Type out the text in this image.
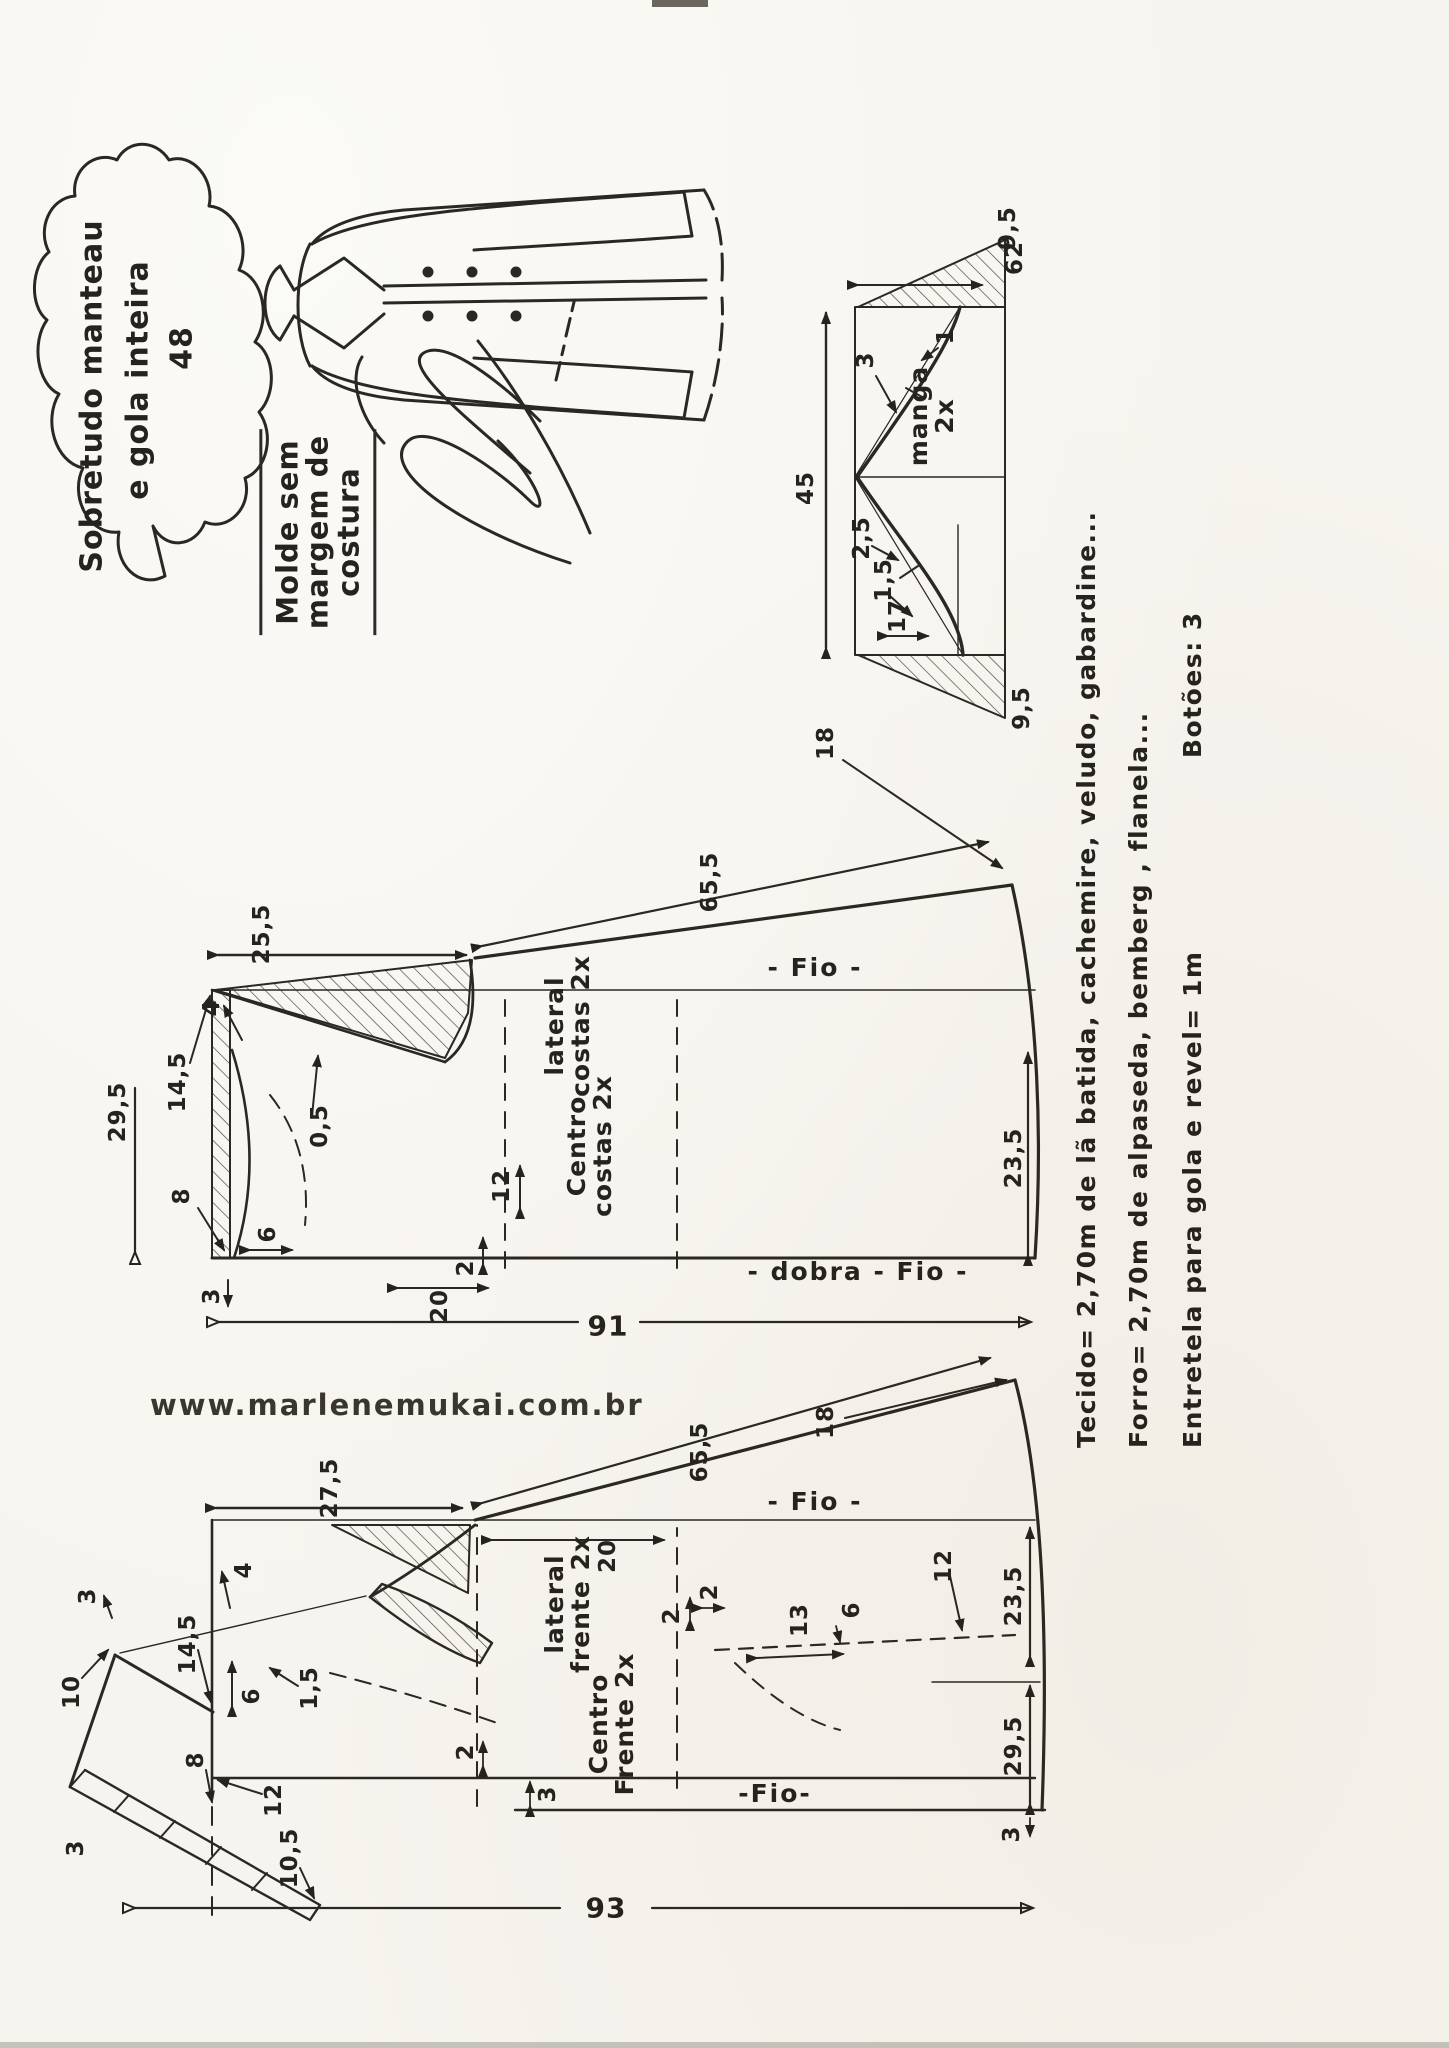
Sobretudo manteau e gola inteira 48
Molde sem
margem de
costura
manga
2x
62
45
9,5
9,5
3
1
2,5
1,5
17
lateral
costas 2x
Centro
costas 2x
- Fio -
- dobra - Fio -
91
25,5
65,5
4
0,5
14,5
29,5
8
6
3
12
2
20
18
23,5
lateral
frente 2x
Centro
Frente 2x
- Fio -
-Fio-
93
27,5
65,5
4
3
10
3
14,5
6 1,5
8
12
10,5
20
2
2
13 6
12
2
3
23,5
29,5
3
18	Tecido= 2,70m de lã batida, cachemire, veludo, gabardine... Forro= 2,70m de alpaseda, bemberg , flanela... Entretela para gola e revel= 1m
Botões: 3
www.marlenemukai.com.br
